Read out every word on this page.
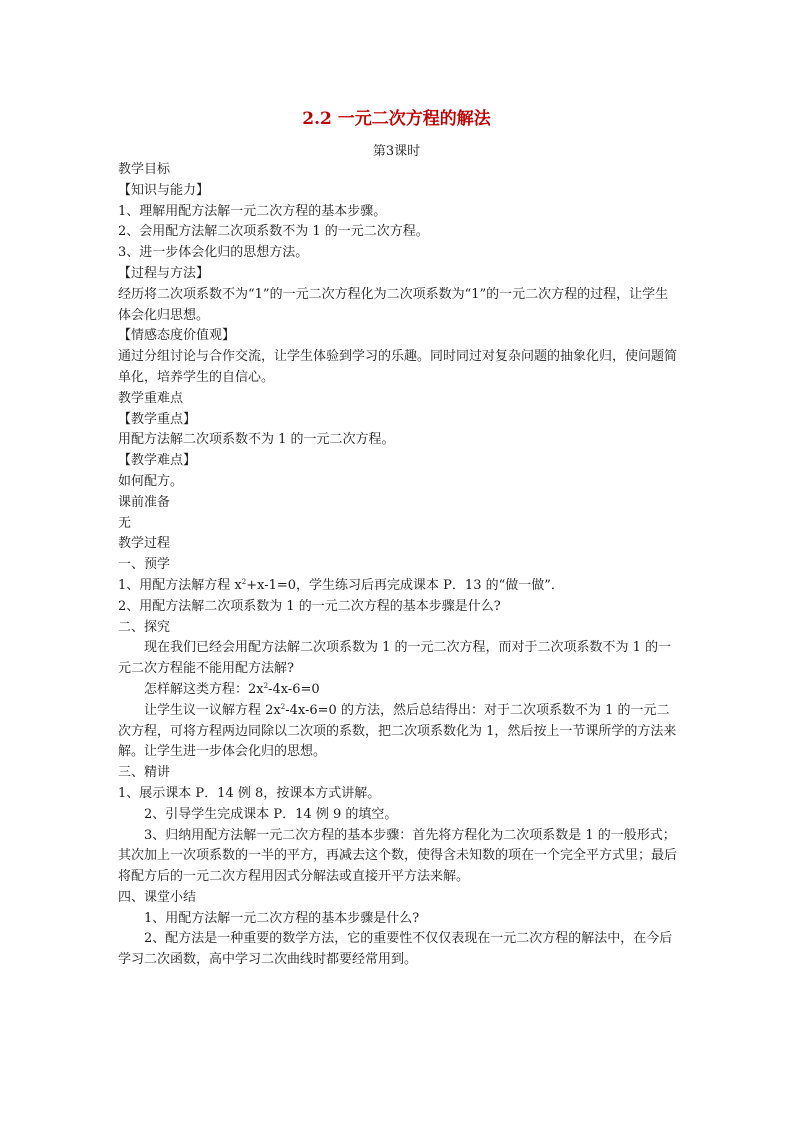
2.2 一元二次方程的解法

第3课时

教学目标

【知识与能力】

1、理解用配方法解一元二次方程的基本步骤。

2、会用配方法解二次项系数不为 1 的一元二次方程。

3、进一步体会化归的思想方法。

【过程与方法】

经历将二次项系数不为“1”的一元二次方程化为二次项系数为“1”的一元二次方程的过程，让学生体会化归思想。

【情感态度价值观】

通过分组讨论与合作交流，让学生体验到学习的乐趣。同时同过对复杂问题的抽象化归，使问题简单化，培养学生的自信心。

教学重难点

【教学重点】

用配方法解二次项系数不为 1 的一元二次方程。

【教学难点】

如何配方。

课前准备

无

教学过程

一、预学

1、用配方法解方程 $x^2+x-1=0$，学生练习后再完成课本 P．13 的“做一做”．

2、用配方法解二次项系数为 1 的一元二次方程的基本步骤是什么?

二、探究

现在我们已经会用配方法解二次项系数为 1 的一元二次方程，而对于二次项系数不为 1 的一元二次方程能不能用配方法解?

怎样解这类方程：$2x^2-4x-6=0$

让学生议一议解方程 $2x^2-4x-6=0$ 的方法，然后总结得出：对于二次项系数不为 1 的一元二次方程，可将方程两边同除以二次项的系数，把二次项系数化为 1，然后按上一节课所学的方法来解。让学生进一步体会化归的思想。

三、精讲

1、展示课本 P．14 例 8，按课本方式讲解。

2、引导学生完成课本 P．14 例 9 的填空。

3、归纳用配方法解一元二次方程的基本步骤：首先将方程化为二次项系数是 1 的一般形式；其次加上一次项系数的一半的平方，再减去这个数，使得含未知数的项在一个完全平方式里；最后将配方后的一元二次方程用因式分解法或直接开平方法来解。

四、课堂小结

1、用配方法解一元二次方程的基本步骤是什么?

2、配方法是一种重要的数学方法，它的重要性不仅仅表现在一元二次方程的解法中，在今后学习二次函数，高中学习二次曲线时都要经常用到。
